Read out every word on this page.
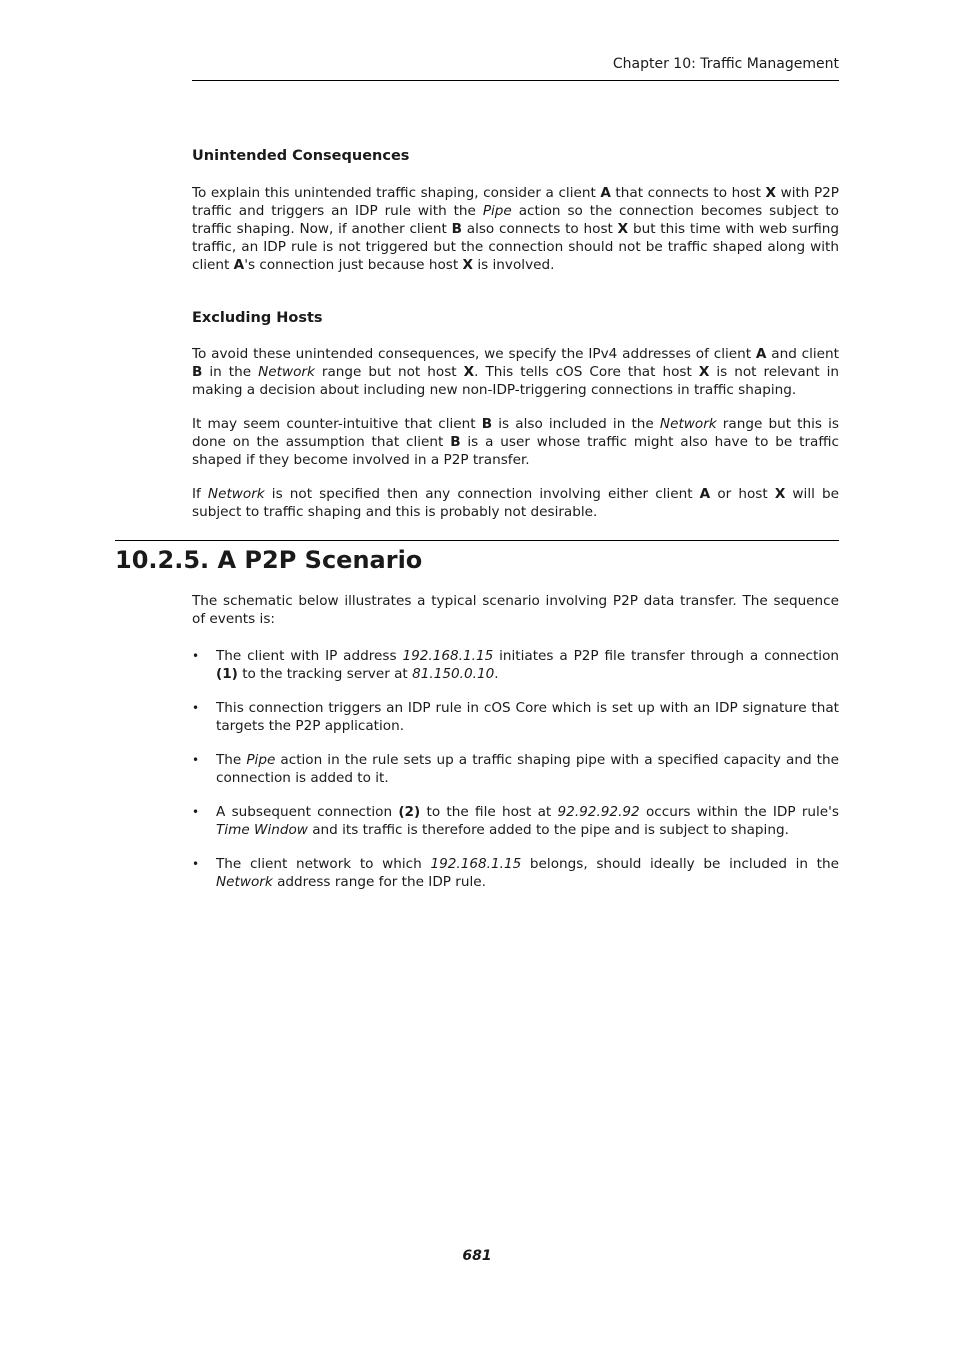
Chapter 10: Traffic Management
Unintended Consequences

To explain this unintended traffic shaping, consider a client A that connects to host X with P2P traffic and triggers an IDP rule with the Pipe action so the connection becomes subject to traffic shaping. Now, if another client B also connects to host X but this time with web surfing traffic, an IDP rule is not triggered but the connection should not be traffic shaped along with client A's connection just because host X is involved.

Excluding Hosts

To avoid these unintended consequences, we specify the IPv4 addresses of client A and client B in the Network range but not host X. This tells cOS Core that host X is not relevant in making a decision about including new non-IDP-triggering connections in traffic shaping.

It may seem counter-intuitive that client B is also included in the Network range but this is done on the assumption that client B is a user whose traffic might also have to be traffic shaped if they become involved in a P2P transfer.

If Network is not specified then any connection involving either client A or host X will be subject to traffic shaping and this is probably not desirable.

The schematic below illustrates a typical scenario involving P2P data transfer. The sequence of events is:

• The client with IP address 192.168.1.15 initiates a P2P file transfer through a connection (1) to the tracking server at 81.150.0.10.

• This connection triggers an IDP rule in cOS Core which is set up with an IDP signature that targets the P2P application.

• The Pipe action in the rule sets up a traffic shaping pipe with a specified capacity and the connection is added to it.

• A subsequent connection (2) to the file host at 92.92.92.92 occurs within the IDP rule's Time Window and its traffic is therefore added to the pipe and is subject to shaping.

• The client network to which 192.168.1.15 belongs, should ideally be included in the Network address range for the IDP rule.

10.2.5. A P2P Scenario
681
